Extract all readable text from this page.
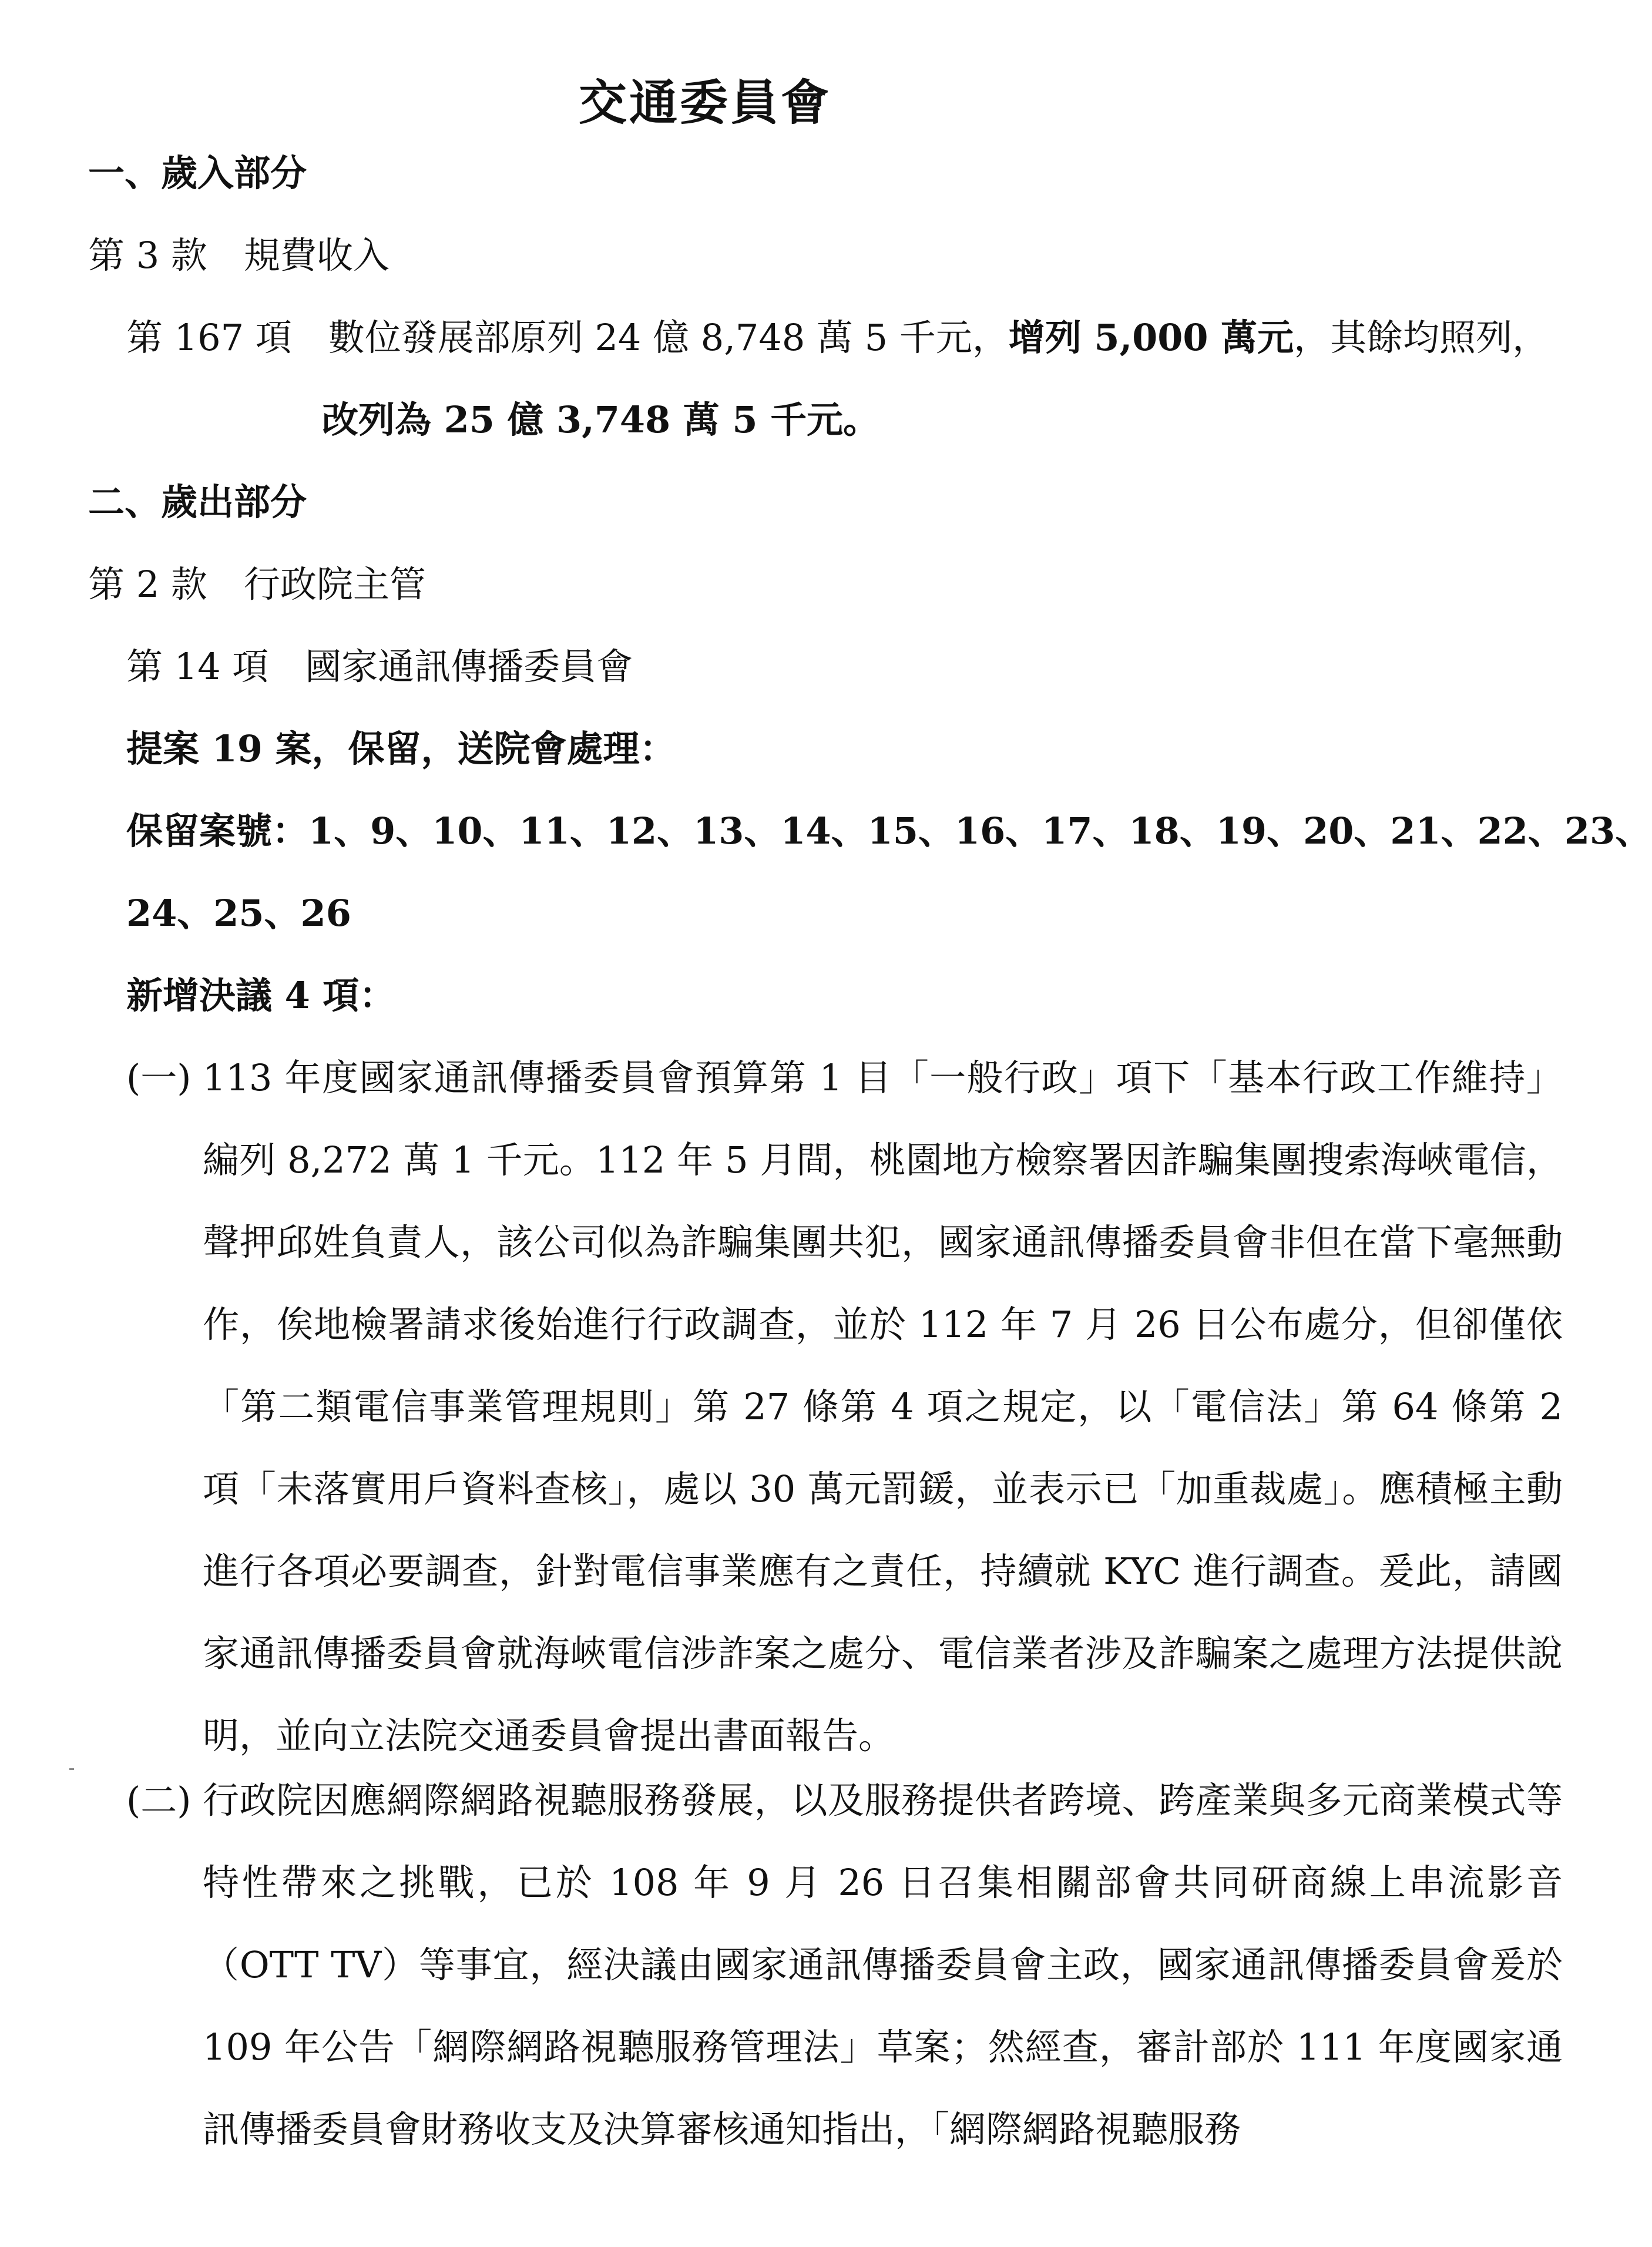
交通委員會
一、歲入部分
第 3 款　規費收入
第 167 項　數位發展部原列 24 億 8,748 萬 5 千元，增列 5,000 萬元，其餘均照列，
改列為 25 億 3,748 萬 5 千元。
二、歲出部分
第 2 款　行政院主管
第 14 項　國家通訊傳播委員會
提案 19 案，保留，送院會處理：
保留案號：1、9、10、11、12、13、14、15、16、17、18、19、20、21、22、23、
24、25、26
新增決議 4 項：
(一) 113 年度國家通訊傳播委員會預算第 1 目「一般行政」項下「基本行政工作維持」編列 8,272 萬 1 千元。112 年 5 月間，桃園地方檢察署因詐騙集團搜索海峽電信，聲押邱姓負責人，該公司似為詐騙集團共犯，國家通訊傳播委員會非但在當下毫無動作，俟地檢署請求後始進行行政調查，並於 112 年 7 月 26 日公布處分，但卻僅依「第二類電信事業管理規則」第 27 條第 4 項之規定，以「電信法」第 64 條第 2 項「未落實用戶資料查核」，處以 30 萬元罰鍰，並表示已「加重裁處」。應積極主動進行各項必要調查，針對電信事業應有之責任，持續就 KYC 進行調查。爰此，請國家通訊傳播委員會就海峽電信涉詐案之處分、電信業者涉及詐騙案之處理方法提供說明，並向立法院交通委員會提出書面報告。
(二) 行政院因應網際網路視聽服務發展，以及服務提供者跨境、跨產業與多元商業模式等特性帶來之挑戰，已於 108 年 9 月 26 日召集相關部會共同研商線上串流影音（OTT TV）等事宜，經決議由國家通訊傳播委員會主政，國家通訊傳播委員會爰於 109 年公告「網際網路視聽服務管理法」草案；然經查，審計部於 111 年度國家通訊傳播委員會財務收支及決算審核通知指出，「網際網路視聽服務
